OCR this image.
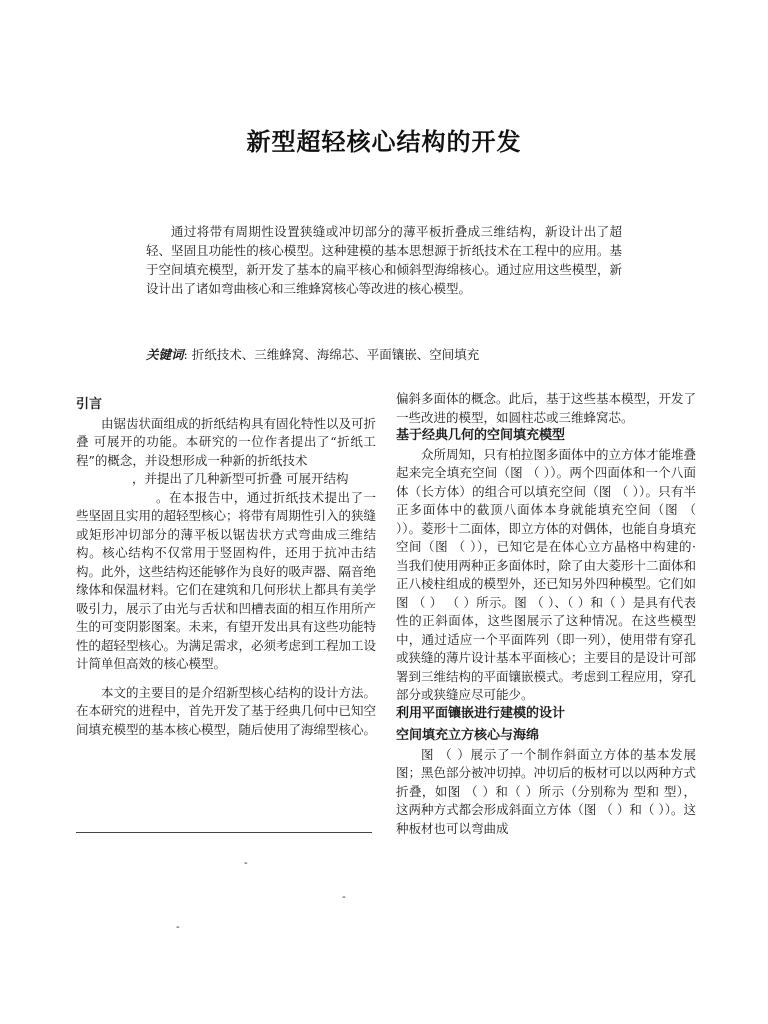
新型超轻核心结构的开发
通过将带有周期性设置狭缝或冲切部分的薄平板折叠成三维结构，新设计出了超轻、坚固且功能性的核心模型。这种建模的基本思想源于折纸技术在工程中的应用。基于空间填充模型，新开发了基本的扁平核心和倾斜型海绵核心。通过应用这些模型，新设计出了诸如弯曲核心和三维蜂窝核心等改进的核心模型。
关键词: 折纸技术、三维蜂窝、海绵芯、平面镶嵌、空间填充

引言

由锯齿状面组成的折纸结构具有固化特性以及可折叠 可展开的功能。本研究的一位作者提出了“折纸工程”的概念，并设想形成一种新的折纸技术

，并提出了几种新型可折叠 可展开结构

。在本报告中，通过折纸技术提出了一些坚固且实用的超轻型核心；将带有周期性引入的狭缝或矩形冲切部分的薄平板以锯齿状方式弯曲成三维结构。核心结构不仅常用于竖固构件，还用于抗冲击结构。此外，这些结构还能够作为良好的吸声器、隔音绝缘体和保温材料。它们在建筑和几何形状上都具有美学吸引力，展示了由光与舌状和凹槽表面的相互作用所产生的可变阴影图案。未来，有望开发出具有这些功能特性的超轻型核心。为满足需求，必须考虑到工程加工设计简单但高效的核心模型。

本文的主要目的是介绍新型核心结构的设计方法。在本研究的进程中，首先开发了基于经典几何中已知空间填充模型的基本核心模型，随后使用了海绵型核心。

偏斜多面体的概念。此后，基于这些基本模型，开发了一些改进的模型，如圆柱芯或三维蜂窝芯。

基于经典几何的空间填充模型

众所周知，只有柏拉图多面体中的立方体才能堆叠起来完全填充空间（图 （ ））。两个四面体和一个八面体（长方体）的组合可以填充空间（图 （ ））。只有半正多面体中的截顶八面体本身就能填充空间（图 （ ））。菱形十二面体，即立方体的对偶体，也能自身填充空间（图 （ ）），已知它是在体心立方晶格中构建的· 当我们使用两种正多面体时，除了由大菱形十二面体和正八棱柱组成的模型外，还已知另外四种模型。它们如图 （ ） （ ）所示。图 （ ）、（ ）和（ ）是具有代表性的正斜面体，这些图展示了这种情况。在这些模型中，通过适应一个平面阵列（即一列），使用带有穿孔或狭缝的薄片设计基本平面核心；主要目的是设计可部署到三维结构的平面镶嵌模式。考虑到工程应用，穿孔部分或狭缝应尽可能少。

利用平面镶嵌进行建模的设计

空间填充立方核心与海绵

图 （ ）展示了一个制作斜面立方体的基本发展图；黑色部分被冲切掉。冲切后的板材可以以两种方式折叠，如图 （ ）和（ ）所示（分别称为 型和 型），这两种方式都会形成斜面立方体（图 （ ）和（ ））。这种板材也可以弯曲成

-
-
-
